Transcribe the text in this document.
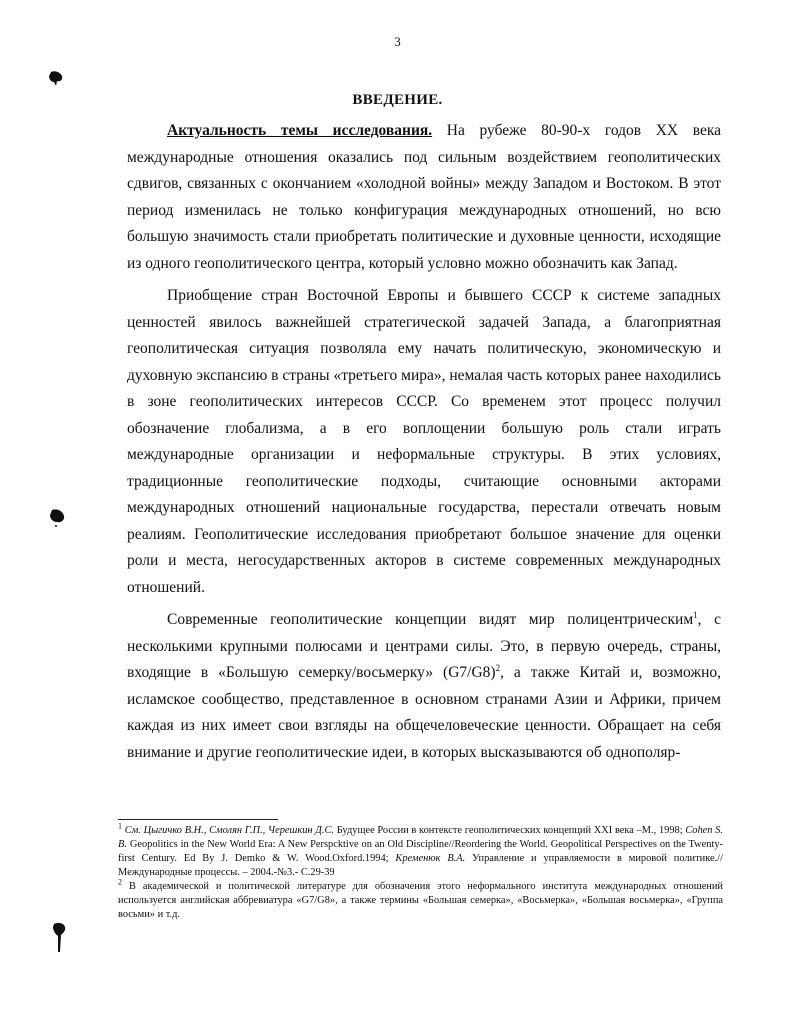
3
ВВЕДЕНИЕ.

Актуальность темы исследования. На рубеже 80-90-х годов XX века международные отношения оказались под сильным воздействием геополитических сдвигов, связанных с окончанием «холодной войны» между Западом и Востоком. В этот период изменилась не только конфигурация международных отношений, но всю большую значимость стали приобретать политические и духовные ценности, исходящие из одного геополитического центра, который условно можно обозначить как Запад.

Приобщение стран Восточной Европы и бывшего СССР к системе западных ценностей явилось важнейшей стратегической задачей Запада, а благоприятная геополитическая ситуация позволяла ему начать политическую, экономическую и духовную экспансию в страны «третьего мира», немалая часть которых ранее находились в зоне геополитических интересов СССР. Со временем этот процесс получил обозначение глобализма, а в его воплощении большую роль стали играть международные организации и неформальные структуры. В этих условиях, традиционные геополитические подходы, считающие основными акторами международных отношений национальные государства, перестали отвечать новым реалиям. Геополитические исследования приобретают большое значение для оценки роли и места, негосударственных акторов в системе современных международных отношений.

Современные геополитические концепции видят мир полицентрическим$^1$, с несколькими крупными полюсами и центрами силы. Это, в первую очередь, страны, входящие в «Большую семерку/восьмерку» $(G7/G8)^2$, а также Китай и, возможно, исламское сообщество, представленное в основном странами Азии и Африки, причем каждая из них имеет свои взгляды на общечеловеческие ценности. Обращает на себя внимание и другие геополитические идеи, в которых высказываются об однополяр-

$^1$ См. Цыгичко В.Н., Смолян Г.П., Черешкин Д.С. Будущее России в контексте геополитических концепций XXI века –М., 1998; Cohen S. B. Geopolitics in the New World Era: A New Perspcktive on an Old Discipline//Reordering the World. Geopolitical Perspectives on the Twenty-first Century. Ed By J. Demko & W. Wood.Oxford.1994; Кременюк В.А. Управление и управляемости в мировой политике.//Международные процессы. – 2004.-№3.- С.29-39

$^2$ В академической и политической литературе для обозначения этого неформального института международных отношений используется английская аббревиатура «G7/G8», а также термины «Большая семерка», «Восьмерка», «Большая восьмерка», «Группа восьми» и т.д.
